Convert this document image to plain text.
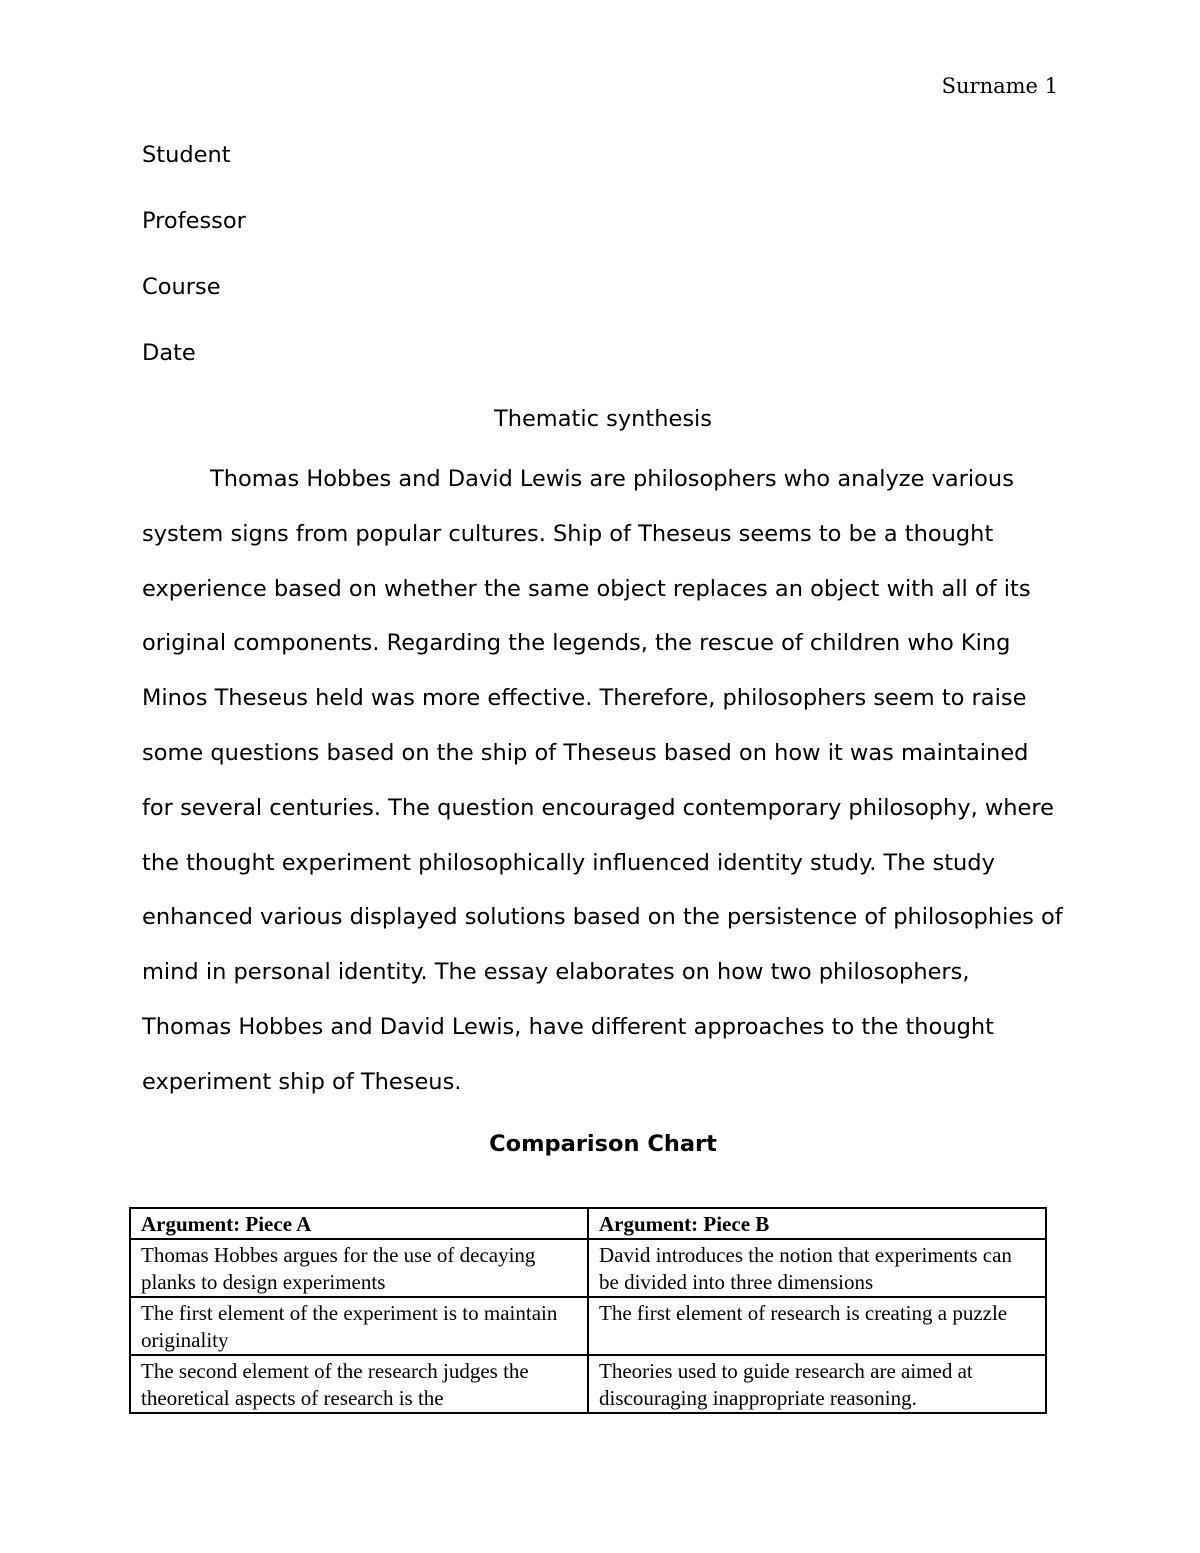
Surname 1
Student
Professor
Course
Date
Thematic synthesis

Thomas Hobbes and David Lewis are philosophers who analyze various system signs from popular cultures. Ship of Theseus seems to be a thought experience based on whether the same object replaces an object with all of its original components. Regarding the legends, the rescue of children who King Minos Theseus held was more effective. Therefore, philosophers seem to raise some questions based on the ship of Theseus based on how it was maintained for several centuries. The question encouraged contemporary philosophy, where the thought experiment philosophically influenced identity study. The study enhanced various displayed solutions based on the persistence of philosophies of mind in personal identity. The essay elaborates on how two philosophers, Thomas Hobbes and David Lewis, have different approaches to the thought experiment ship of Theseus.

Comparison Chart
Argument: Piece A	Argument: Piece B
Thomas Hobbes argues for the use of decaying planks to design experiments	David introduces the notion that experiments can be divided into three dimensions
The first element of the experiment is to maintain originality	The first element of research is creating a puzzle
The second element of the research judges the theoretical aspects of research is the	Theories used to guide research are aimed at discouraging inappropriate reasoning.
